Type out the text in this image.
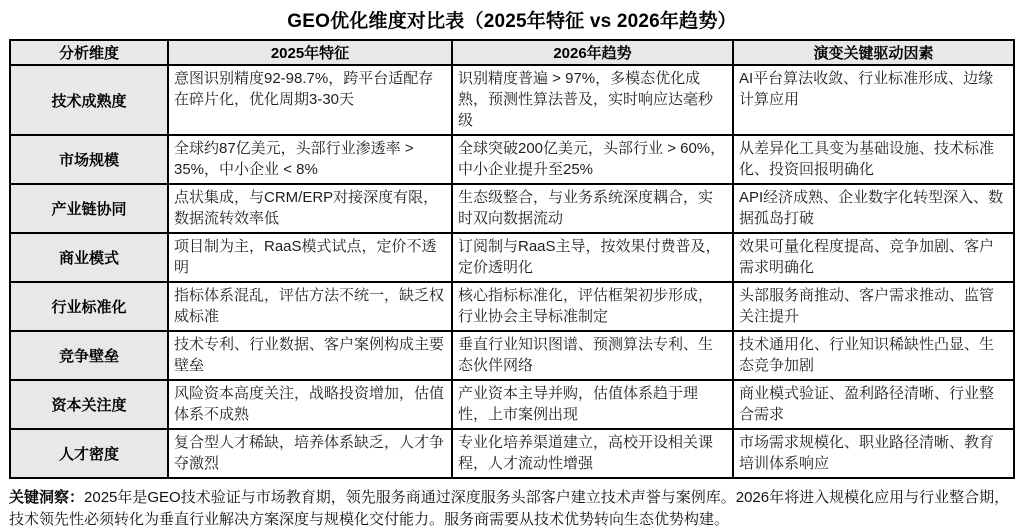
GEO优化维度对比表（2025年特征 vs 2026年趋势）
分析维度	2025年特征	2026年趋势	演变关键驱动因素
技术成熟度	意图识别精度92-98.7%，跨平台适配存在碎片化，优化周期3-30天	识别精度普遍 > 97%，多模态优化成熟，预测性算法普及，实时响应达毫秒级	AI平台算法收敛、行业标准形成、边缘计算应用
市场规模	全球约87亿美元，头部行业渗透率 > 35%，中小企业 < 8%	全球突破200亿美元，头部行业 > 60%，中小企业提升至25%	从差异化工具变为基础设施、技术标准化、投资回报明确化
产业链协同	点状集成，与CRM/ERP对接深度有限，数据流转效率低	生态级整合，与业务系统深度耦合，实时双向数据流动	API经济成熟、企业数字化转型深入、数据孤岛打破
商业模式	项目制为主，RaaS模式试点，定价不透明	订阅制与RaaS主导，按效果付费普及，定价透明化	效果可量化程度提高、竞争加剧、客户需求明确化
行业标准化	指标体系混乱，评估方法不统一，缺乏权威标准	核心指标标准化，评估框架初步形成，行业协会主导标准制定	头部服务商推动、客户需求推动、监管关注提升
竞争壁垒	技术专利、行业数据、客户案例构成主要壁垒	垂直行业知识图谱、预测算法专利、生态伙伴网络	技术通用化、行业知识稀缺性凸显、生态竞争加剧
资本关注度	风险资本高度关注，战略投资增加，估值体系不成熟	产业资本主导并购，估值体系趋于理性，上市案例出现	商业模式验证、盈利路径清晰、行业整合需求
人才密度	复合型人才稀缺，培养体系缺乏，人才争夺激烈	专业化培养渠道建立，高校开设相关课程，人才流动性增强	市场需求规模化、职业路径清晰、教育培训体系响应

关键洞察：2025年是GEO技术验证与市场教育期，领先服务商通过深度服务头部客户建立技术声誉与案例库。2026年将进入规模化应用与行业整合期，技术领先性必须转化为垂直行业解决方案深度与规模化交付能力。服务商需要从技术优势转向生态优势构建。
